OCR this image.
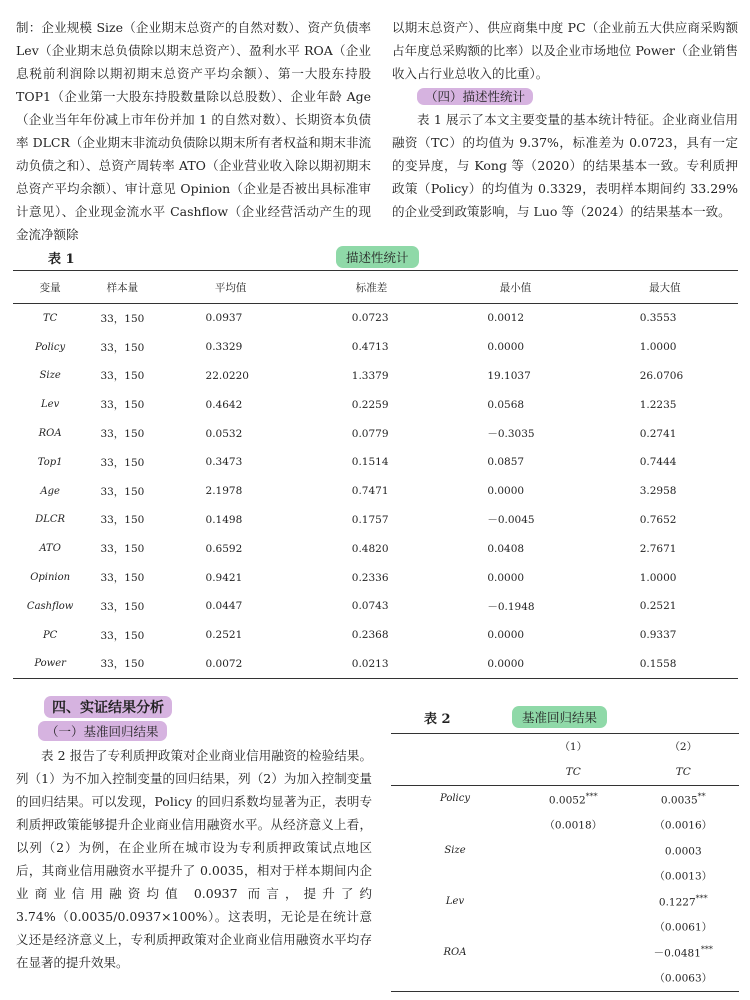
制：企业规模 Size（企业期末总资产的自然对数）、资产负债率 Lev（企业期末总负债除以期末总资产）、盈利水平 ROA（企业息税前利润除以期初期末总资产平均余额）、第一大股东持股 TOP1（企业第一大股东持股数量除以总股数）、企业年龄 Age（企业当年年份减上市年份并加 1 的自然对数）、长期资本负债率 DLCR（企业期末非流动负债除以期末所有者权益和期末非流动负债之和）、总资产周转率 ATO（企业营业收入除以期初期末总资产平均余额）、审计意见 Opinion（企业是否被出具标准审计意见）、企业现金流水平 Cashflow（企业经营活动产生的现金流净额除

以期末总资产）、供应商集中度 PC（企业前五大供应商采购额占年度总采购额的比率）以及企业市场地位 Power（企业销售收入占行业总收入的比重）。

（四）描述性统计

表 1 展示了本文主要变量的基本统计特征。企业商业信用融资（TC）的均值为 9.37%，标准差为 0.0723，具有一定的变异度，与 Kong 等（2020）的结果基本一致。专利质押政策（Policy）的均值为 0.3329，表明样本期间约 33.29% 的企业受到政策影响，与 Luo 等（2024）的结果基本一致。

表 1	描述性统计
变量	样本量	平均值	标准差	最小值	最大值
TC	33，150	0.0937	0.0723	0.0012	0.3553
Policy	33，150	0.3329	0.4713	0.0000	1.0000
Size	33，150	22.0220	1.3379	19.1037	26.0706
Lev	33，150	0.4642	0.2259	0.0568	1.2235
ROA	33，150	0.0532	0.0779	－0.3035	0.2741
Top1	33，150	0.3473	0.1514	0.0857	0.7444
Age	33，150	2.1978	0.7471	0.0000	3.2958
DLCR	33，150	0.1498	0.1757	－0.0045	0.7652
ATO	33，150	0.6592	0.4820	0.0408	2.7671
Opinion	33，150	0.9421	0.2336	0.0000	1.0000
Cashflow	33，150	0.0447	0.0743	－0.1948	0.2521
PC	33，150	0.2521	0.2368	0.0000	0.9337
Power	33，150	0.0072	0.0213	0.0000	0.1558
四、实证结果分析
（一）基准回归结果

表 2 报告了专利质押政策对企业商业信用融资的检验结果。列（1）为不加入控制变量的回归结果，列（2）为加入控制变量的回归结果。可以发现，Policy 的回归系数均显著为正，表明专利质押政策能够提升企业商业信用融资水平。从经济意义上看，以列（2）为例，在企业所在城市设为专利质押政策试点地区后，其商业信用融资水平提升了 0.0035，相对于样本期间内企业商业信用融资均值 0.0937 而言，提升了约 3.74%（0.0035/0.0937×100%）。这表明，无论是在统计意义还是经济意义上，专利质押政策对企业商业信用融资水平均存在显著的提升效果。

表 2	基准回归结果
	（1）	（2）
	TC	TC
Policy	0.0052***	0.0035**
	（0.0018）	（0.0016）
Size		0.0003
		（0.0013）
Lev		0.1227***
		（0.0061）
ROA		－0.0481***
		（0.0063）
